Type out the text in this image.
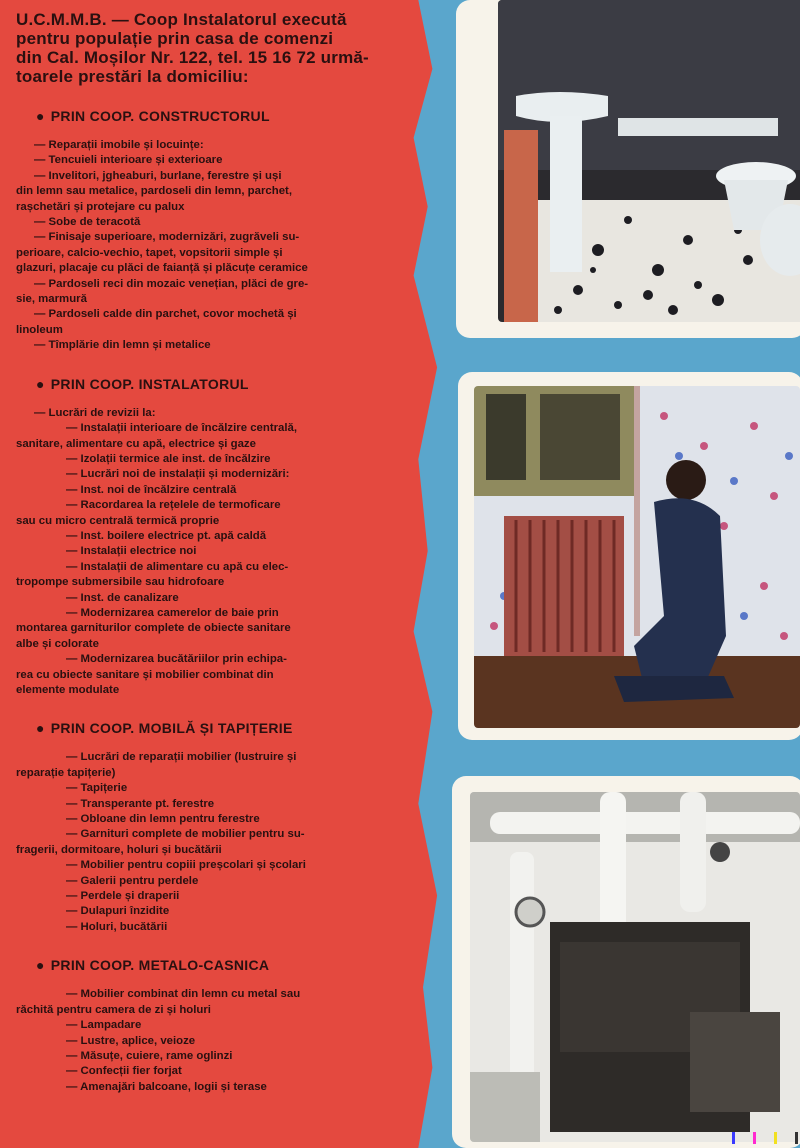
U.C.M.M.B. — Coop Instalatorul execută
pentru populație prin casa de comenzi
din Cal. Moșilor Nr. 122, tel. 15 16 72 urmă-
toarele prestări la domiciliu:
● PRIN COOP. CONSTRUCTORUL
— Reparații imobile și locuințe:
— Tencuieli interioare și exterioare
— Invelitori, jgheaburi, burlane, ferestre și uși
din lemn sau metalice, pardoseli din lemn, parchet,
rașchetări și protejare cu palux
— Sobe de teracotă
— Finisaje superioare, modernizări, zugrăveli su-
perioare, calcio-vechio, tapet, vopsitorii simple și
glazuri, placaje cu plăci de faianță și plăcuțe ceramice
— Pardoseli reci din mozaic venețian, plăci de gre-
sie, marmură
— Pardoseli calde din parchet, covor mochetă și
linoleum
— Tîmplărie din lemn și metalice
● PRIN COOP. INSTALATORUL
— Lucrări de revizii la:
— Instalații interioare de încălzire centrală,
sanitare, alimentare cu apă, electrice și gaze
— Izolații termice ale inst. de încălzire
— Lucrări noi de instalații și modernizări:
— Inst. noi de încălzire centrală
— Racordarea la rețelele de termoficare
sau cu micro centrală termică proprie
— Inst. boilere electrice pt. apă caldă
— Instalații electrice noi
— Instalații de alimentare cu apă cu elec-
tropompe submersibile sau hidrofoare
— Inst. de canalizare
— Modernizarea camerelor de baie prin
montarea garniturilor complete de obiecte sanitare
albe și colorate
— Modernizarea bucătăriilor prin echipa-
rea cu obiecte sanitare și mobilier combinat din
elemente modulate
● PRIN COOP. MOBILĂ ȘI TAPIȚERIE
— Lucrări de reparații mobilier (lustruire și
reparație tapițerie)
— Tapițerie
— Transperante pt. ferestre
— Obloane din lemn pentru ferestre
— Garnituri complete de mobilier pentru su-
fragerii, dormitoare, holuri și bucătării
— Mobilier pentru copiii preșcolari și școlari
— Galerii pentru perdele
— Perdele și draperii
— Dulapuri înzidite
— Holuri, bucătării
● PRIN COOP. METALO-CASNICA
— Mobilier combinat din lemn cu metal sau
răchită pentru camera de zi și holuri
— Lampadare
— Lustre, aplice, veioze
— Măsuțe, cuiere, rame oglinzi
— Confecții fier forjat
— Amenajări balcoane, logii și terase
